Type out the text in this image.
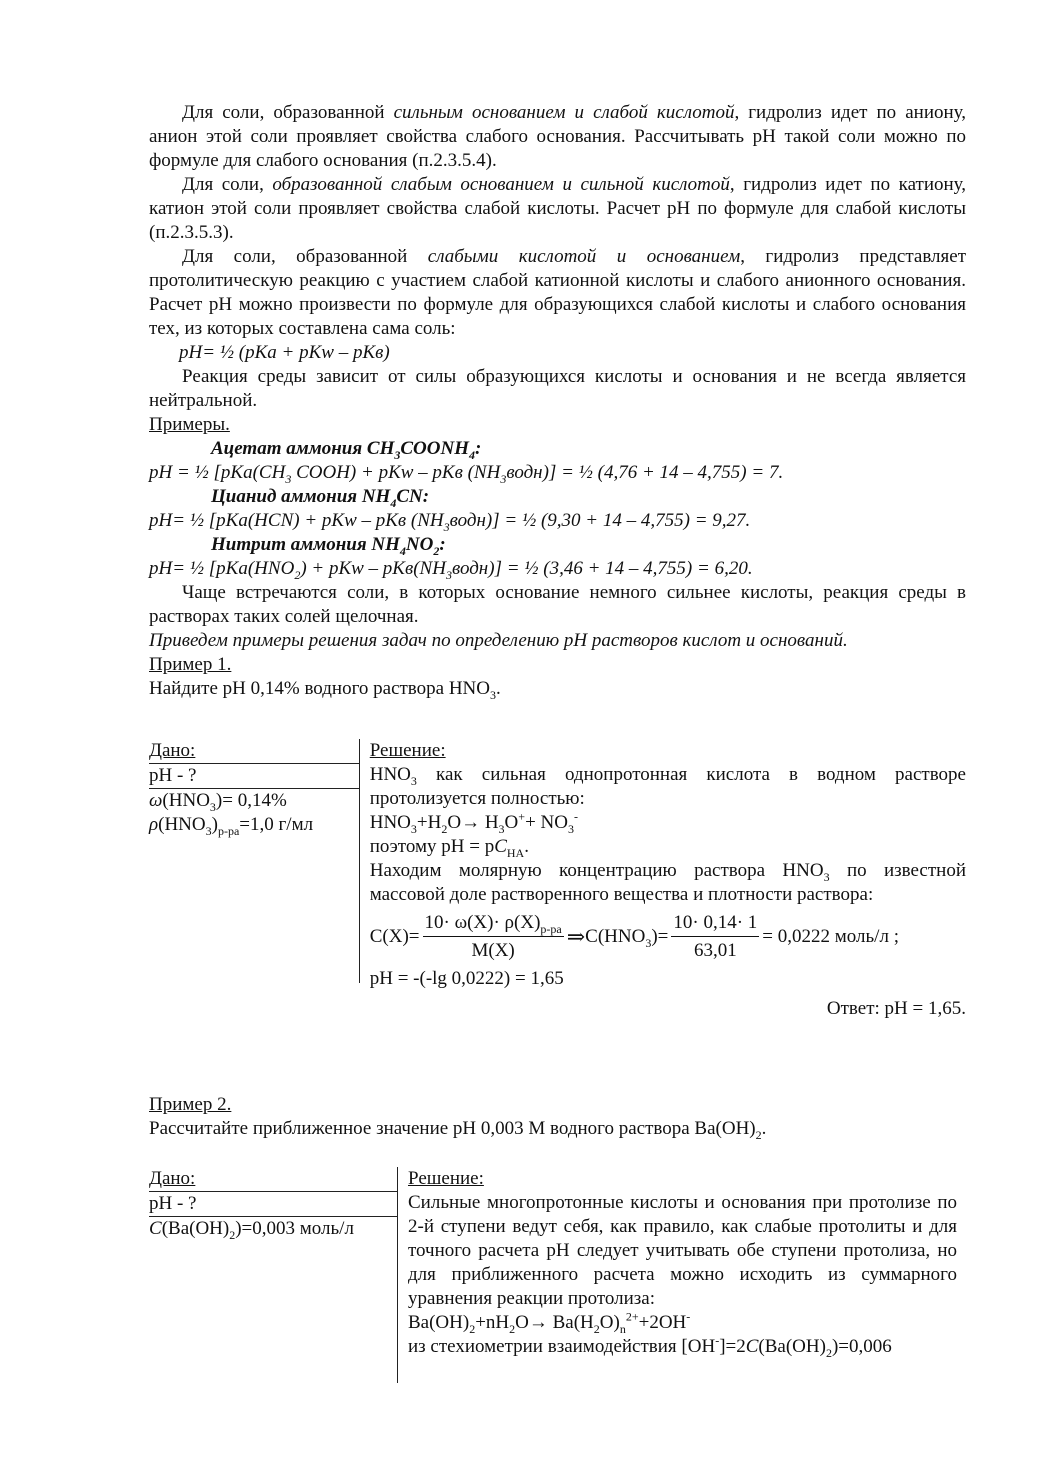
Для соли, образованной сильным основанием и слабой кислотой, гидролиз идет по аниону, анион этой соли проявляет свойства слабого основания. Рассчитывать рН такой соли можно по формуле для слабого основания (п.2.3.5.4).

Для соли, образованной слабым основанием и сильной кислотой, гидролиз идет по катиону, катион этой соли проявляет свойства слабой кислоты. Расчет рН по формуле для слабой кислоты (п.2.3.5.3).

Для соли, образованной слабыми кислотой и основанием, гидролиз представляет протолитическую реакцию с участием слабой катионной кислоты и слабого анионного основания. Расчет рН можно произвести по формуле для образующихся слабой кислоты и слабого основания тех, из которых составлена сама соль:

pH= ½ (pKa + pKw – pKв)

Реакция среды зависит от силы образующихся кислоты и основания и не всегда является нейтральной.

Примеры.

Ацетат аммония $CH_3COONH_4$:

pH = ½ [$pKa(CH_3$ COOH) + pKw – pKв $(NH_3водн)$] = ½ (4,76 + 14 – 4,755) = 7.

Цианид аммония $NH_4CN$:

pH= ½ [pKa(HCN) + pKw – pKв $(NH_3водн)$] = ½ (9,30 + 14 – 4,755) = 9,27.

Нитрит аммония $NH_4NO_2$:

pH= ½ [$pKa(HNO_2)$ + pKw – $pKв(NH_3водн)$] = ½ (3,46 + 14 – 4,755) = 6,20.

Чаще встречаются соли, в которых основание немного сильнее кислоты, реакция среды в растворах таких солей щелочная.

Приведем примеры решения задач по определению рН растворов кислот и оснований.

Пример 1.

Найдите рН 0,14% водного раствора $HNO_3$.

Дано:
рН - ?
$\omega(HNO_3)= 0,14\%$
$\rho(HNO_3)_{р-ра}=1,0$ г/мл

Решение:

$HNO_3$ как сильная однопротонная кислота в водном растворе протолизуется полностью:

$HNO_3+H_2O\to H_3O^++ NO_3^-$

поэтому рН = $рC_{НА}$.

Находим молярную концентрацию раствора $HNO_3$ по известной массовой доле растворенного вещества и плотности раствора:

$С(Х)= \frac{10\cdot \omega(X)\cdot \rho(X)_{р-ра}}{M(X)}$ ⇒ $С(HNO_3)= \frac{10\cdot 0,14\cdot 1}{63,01} = 0,0222$ моль/л ;

pH = -(-lg 0,0222) = 1,65

Ответ: рН = 1,65.

Пример 2.

Рассчитайте приближенное значение рН 0,003 М водного раствора $Ba(OH)_2$.

Дано:
рН - ?
$C(Ba(OH)_2)=0,003$ моль/л

Решение:

Сильные многопротонные кислоты и основания при протолизе по 2-й ступени ведут себя, как правило, как слабые протолиты и для точного расчета рН следует учитывать обе ступени протолиза, но для приближенного расчета можно исходить из суммарного уравнения реакции протолиза:

$Ba(OH)_2+nH_2O\to Ba(H_2O)_n^{2+}+2OH^-$

из стехиометрии взаимодействия $[OH^-]=2C(Ba(OH)_2)=0,006$
